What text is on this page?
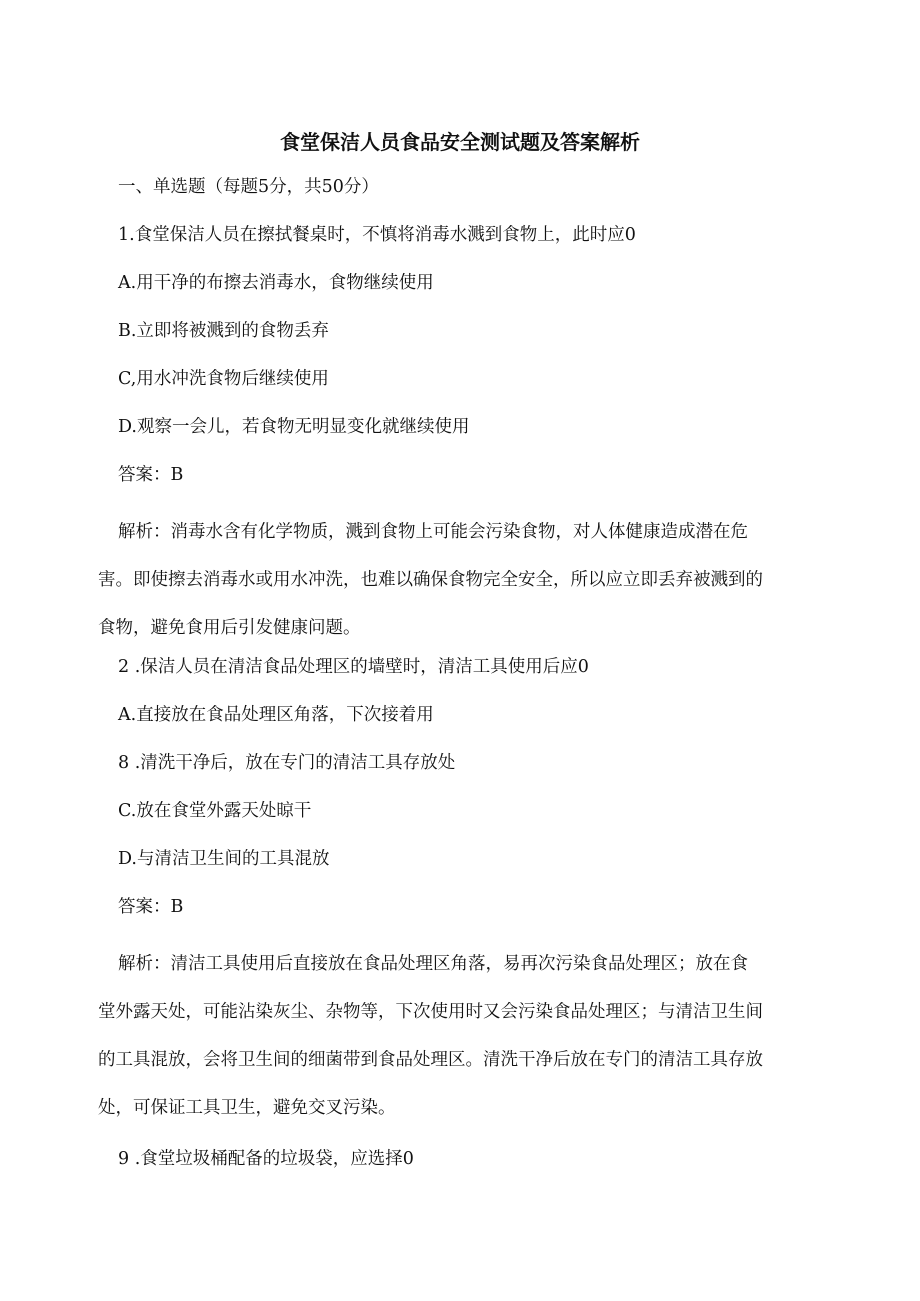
食堂保洁人员食品安全测试题及答案解析
一、单选题（每题5分，共50分）
1.食堂保洁人员在擦拭餐桌时，不慎将消毒水溅到食物上，此时应0
A.用干净的布擦去消毒水，食物继续使用
B.立即将被溅到的食物丢弃
C,用水冲洗食物后继续使用
D.观察一会儿，若食物无明显变化就继续使用
答案：B
解析：消毒水含有化学物质，溅到食物上可能会污染食物，对人体健康造成潜在危
害。即使擦去消毒水或用水冲洗，也难以确保食物完全安全，所以应立即丢弃被溅到的
食物，避免食用后引发健康问题。
2 .保洁人员在清洁食品处理区的墙壁时，清洁工具使用后应0
A.直接放在食品处理区角落，下次接着用
8 .清洗干净后，放在专门的清洁工具存放处
C.放在食堂外露天处晾干
D.与清洁卫生间的工具混放
答案：B
解析：清洁工具使用后直接放在食品处理区角落，易再次污染食品处理区；放在食
堂外露天处，可能沾染灰尘、杂物等，下次使用时又会污染食品处理区；与清洁卫生间
的工具混放，会将卫生间的细菌带到食品处理区。清洗干净后放在专门的清洁工具存放
处，可保证工具卫生，避免交叉污染。
9 .食堂垃圾桶配备的垃圾袋，应选择0
